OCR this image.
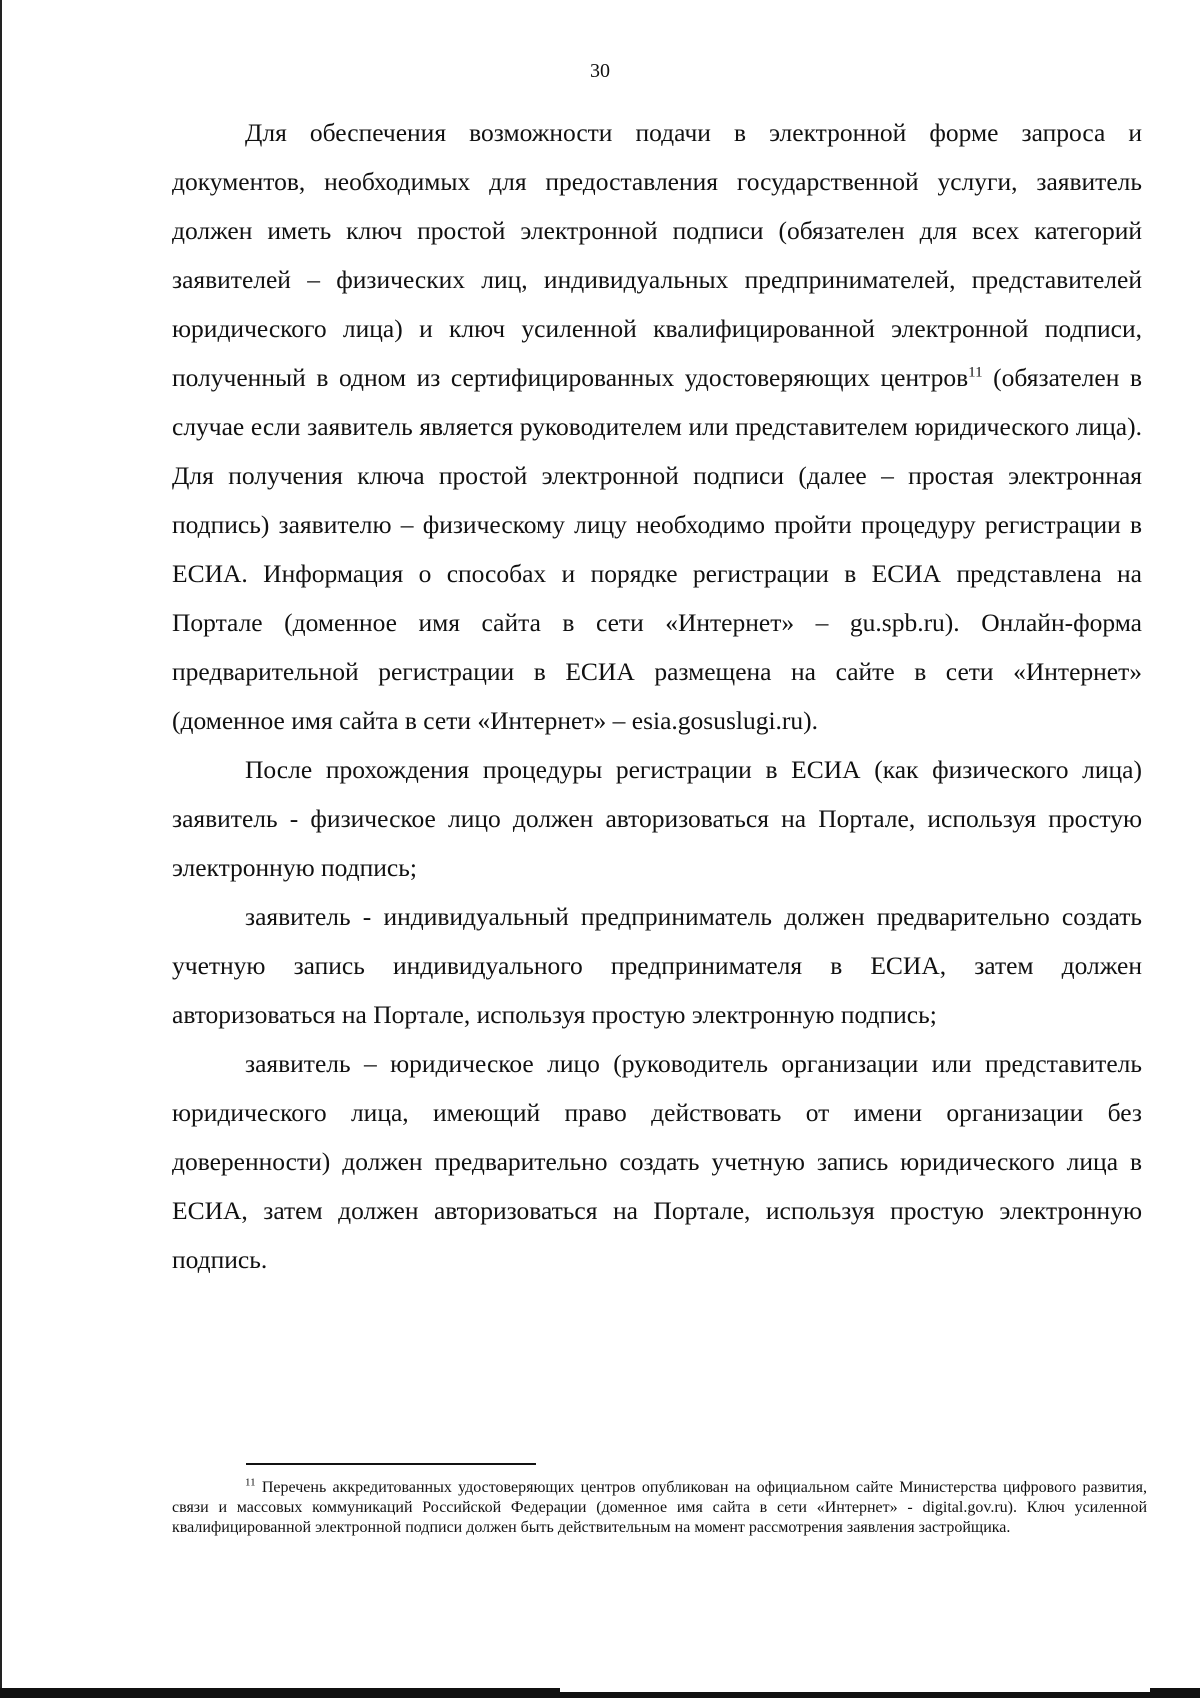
30

Для обеспечения возможности подачи в электронной форме запроса и документов, необходимых для предоставления государственной услуги, заявитель должен иметь ключ простой электронной подписи (обязателен для всех категорий заявителей – физических лиц, индивидуальных предпринимателей, представителей юридического лица) и ключ усиленной квалифицированной электронной подписи, полученный в одном из сертифицированных удостоверяющих центров$^{11}$ (обязателен в случае если заявитель является руководителем или представителем юридического лица). Для получения ключа простой электронной подписи (далее – простая электронная подпись) заявителю – физическому лицу необходимо пройти процедуру регистрации в ЕСИА. Информация о способах и порядке регистрации в ЕСИА представлена на Портале (доменное имя сайта в сети «Интернет» – gu.spb.ru). Онлайн-форма предварительной регистрации в ЕСИА размещена на сайте в сети «Интернет» (доменное имя сайта в сети «Интернет» – esia.gosuslugi.ru).

После прохождения процедуры регистрации в ЕСИА (как физического лица) заявитель - физическое лицо должен авторизоваться на Портале, используя простую электронную подпись;

заявитель - индивидуальный предприниматель должен предварительно создать учетную запись индивидуального предпринимателя в ЕСИА, затем должен авторизоваться на Портале, используя простую электронную подпись;

заявитель – юридическое лицо (руководитель организации или представитель юридического лица, имеющий право действовать от имени организации без доверенности) должен предварительно создать учетную запись юридического лица в ЕСИА, затем должен авторизоваться на Портале, используя простую электронную подпись.

$^{11}$ Перечень аккредитованных удостоверяющих центров опубликован на официальном сайте Министерства цифрового развития, связи и массовых коммуникаций Российской Федерации (доменное имя сайта в сети «Интернет» - digital.gov.ru). Ключ усиленной квалифицированной электронной подписи должен быть действительным на момент рассмотрения заявления застройщика.
